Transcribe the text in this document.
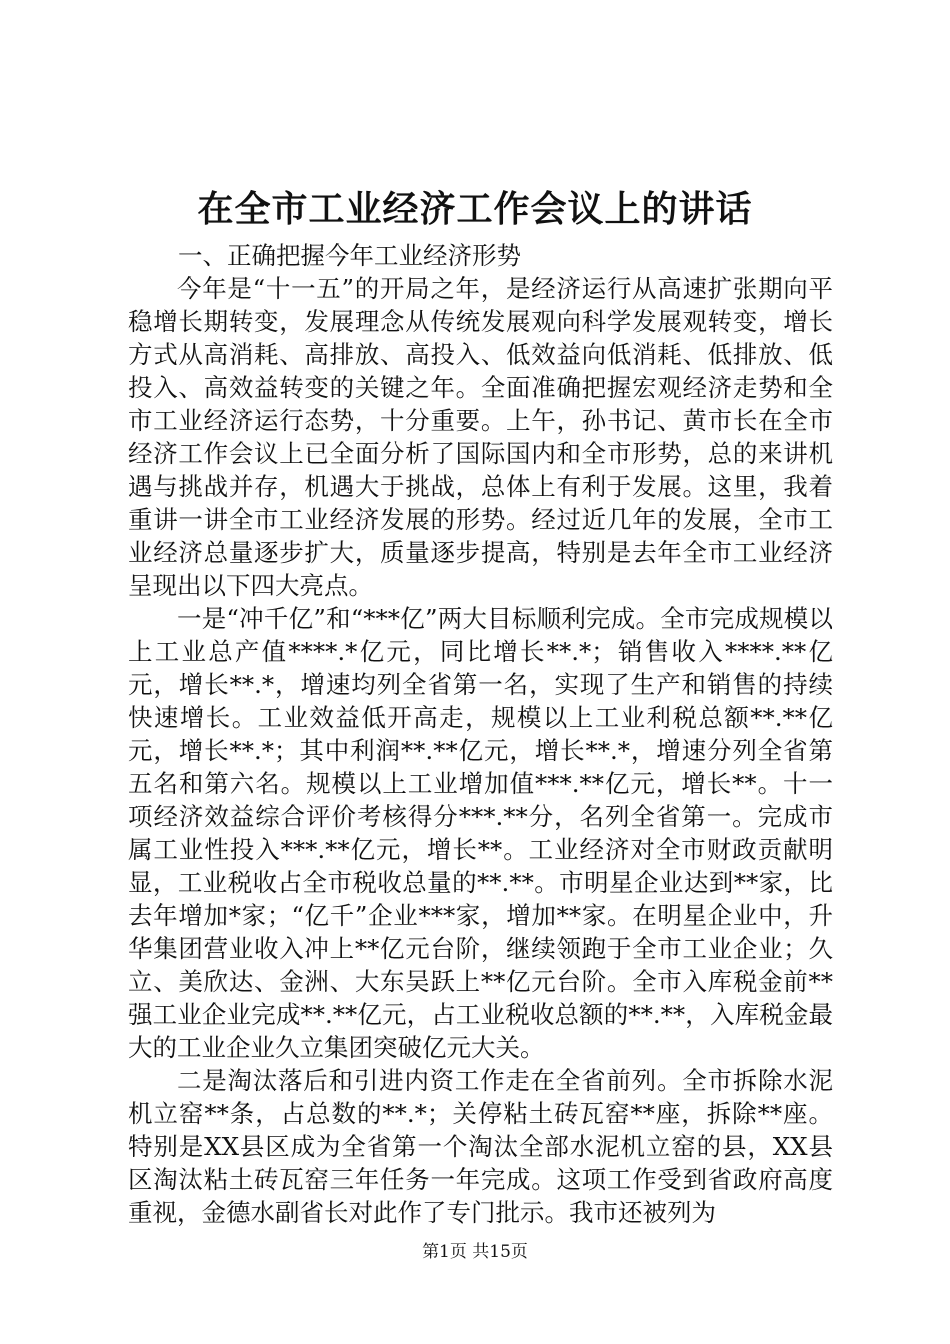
在全市工业经济工作会议上的讲话

一、正确把握今年工业经济形势

今年是“十一五”的开局之年，是经济运行从高速扩张期向平稳增长期转变，发展理念从传统发展观向科学发展观转变，增长方式从高消耗、高排放、高投入、低效益向低消耗、低排放、低投入、高效益转变的关键之年。全面准确把握宏观经济走势和全市工业经济运行态势，十分重要。上午，孙书记、黄市长在全市经济工作会议上已全面分析了国际国内和全市形势，总的来讲机遇与挑战并存，机遇大于挑战，总体上有利于发展。这里，我着重讲一讲全市工业经济发展的形势。经过近几年的发展，全市工业经济总量逐步扩大，质量逐步提高，特别是去年全市工业经济呈现出以下四大亮点。

一是“冲千亿”和“***亿”两大目标顺利完成。全市完成规模以上工业总产值****.*亿元，同比增长**.*；销售收入****.**亿元，增长**.*，增速均列全省第一名，实现了生产和销售的持续快速增长。工业效益低开高走，规模以上工业利税总额**.**亿元，增长**.*；其中利润**.**亿元，增长**.*，增速分列全省第五名和第六名。规模以上工业增加值***.**亿元，增长**。十一项经济效益综合评价考核得分***.**分，名列全省第一。完成市属工业性投入***.**亿元，增长**。工业经济对全市财政贡献明显，工业税收占全市税收总量的**.**。市明星企业达到**家，比去年增加*家；“亿千”企业***家，增加**家。在明星企业中，升华集团营业收入冲上**亿元台阶，继续领跑于全市工业企业；久立、美欣达、金洲、大东吴跃上**亿元台阶。全市入库税金前**强工业企业完成**.**亿元，占工业税收总额的**.**，入库税金最大的工业企业久立集团突破亿元大关。

二是淘汰落后和引进内资工作走在全省前列。全市拆除水泥机立窑**条，占总数的**.*；关停粘土砖瓦窑**座，拆除**座。特别是XX县区成为全省第一个淘汰全部水泥机立窑的县，XX县区淘汰粘土砖瓦窑三年任务一年完成。这项工作受到省政府高度重视，金德水副省长对此作了专门批示。我市还被列为

第1页 共15页
